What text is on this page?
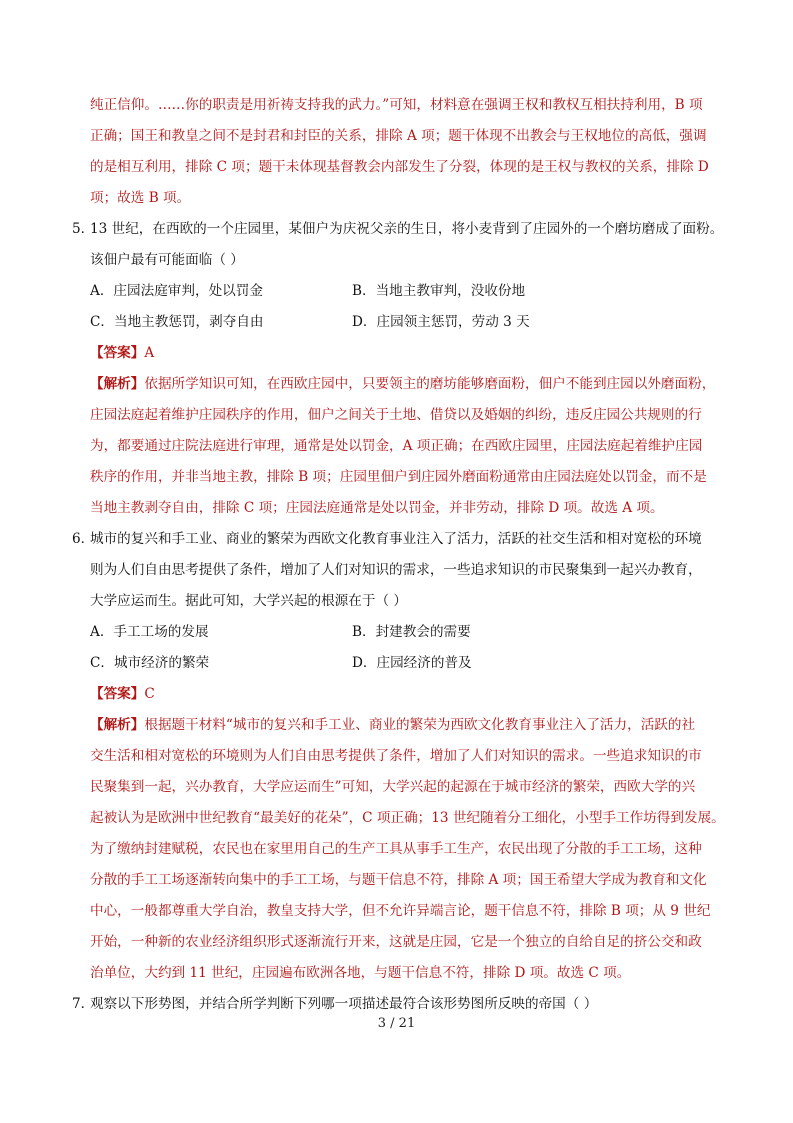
纯正信仰。……你的职责是用祈祷支持我的武力。”可知，材料意在强调王权和教权互相扶持利用，B 项

正确；国王和教皇之间不是封君和封臣的关系，排除 A 项；题干体现不出教会与王权地位的高低，强调

的是相互利用，排除 C 项；题干未体现基督教会内部发生了分裂，体现的是王权与教权的关系，排除 D

项；故选 B 项。

5．
13 世纪，在西欧的一个庄园里，某佃户为庆祝父亲的生日，将小麦背到了庄园外的一个磨坊磨成了面粉。
该佃户最有可能面临（ ）
A．庄园法庭审判，处以罚金	B．当地主教审判，没收份地
C．当地主教惩罚，剥夺自由	D．庄园领主惩罚，劳动 3 天

【答案】A

【解析】依据所学知识可知，在西欧庄园中，只要领主的磨坊能够磨面粉，佃户不能到庄园以外磨面粉，

庄园法庭起着维护庄园秩序的作用，佃户之间关于土地、借贷以及婚姻的纠纷，违反庄园公共规则的行

为，都要通过庄院法庭进行审理，通常是处以罚金，A 项正确；在西欧庄园里，庄园法庭起着维护庄园

秩序的作用，并非当地主教，排除 B 项；庄园里佃户到庄园外磨面粉通常由庄园法庭处以罚金，而不是

当地主教剥夺自由，排除 C 项；庄园法庭通常是处以罚金，并非劳动，排除 D 项。故选 A 项。

6．
城市的复兴和手工业、商业的繁荣为西欧文化教育事业注入了活力，活跃的社交生活和相对宽松的环境
则为人们自由思考提供了条件，增加了人们对知识的需求，一些追求知识的市民聚集到一起兴办教育，
大学应运而生。据此可知，大学兴起的根源在于（ ）
A．手工工场的发展	B．封建教会的需要
C．城市经济的繁荣	D．庄园经济的普及

【答案】C

【解析】根据题干材料“城市的复兴和手工业、商业的繁荣为西欧文化教育事业注入了活力，活跃的社

交生活和相对宽松的环境则为人们自由思考提供了条件，增加了人们对知识的需求。一些追求知识的市

民聚集到一起，兴办教育，大学应运而生”可知，大学兴起的起源在于城市经济的繁荣，西欧大学的兴

起被认为是欧洲中世纪教育“最美好的花朵”，C 项正确；13 世纪随着分工细化，小型手工作坊得到发展。

为了缴纳封建赋税，农民也在家里用自己的生产工具从事手工生产，农民出现了分散的手工工场，这种

分散的手工工场逐渐转向集中的手工工场，与题干信息不符，排除 A 项；国王希望大学成为教育和文化

中心，一般都尊重大学自治，教皇支持大学，但不允许异端言论，题干信息不符，排除 B 项；从 9 世纪

开始，一种新的农业经济组织形式逐渐流行开来，这就是庄园，它是一个独立的自给自足的挤公交和政

治单位，大约到 11 世纪，庄园遍布欧洲各地，与题干信息不符，排除 D 项。故选 C 项。

7．
观察以下形势图，并结合所学判断下列哪一项描述最符合该形势图所反映的帝国（ ）
3 / 21
